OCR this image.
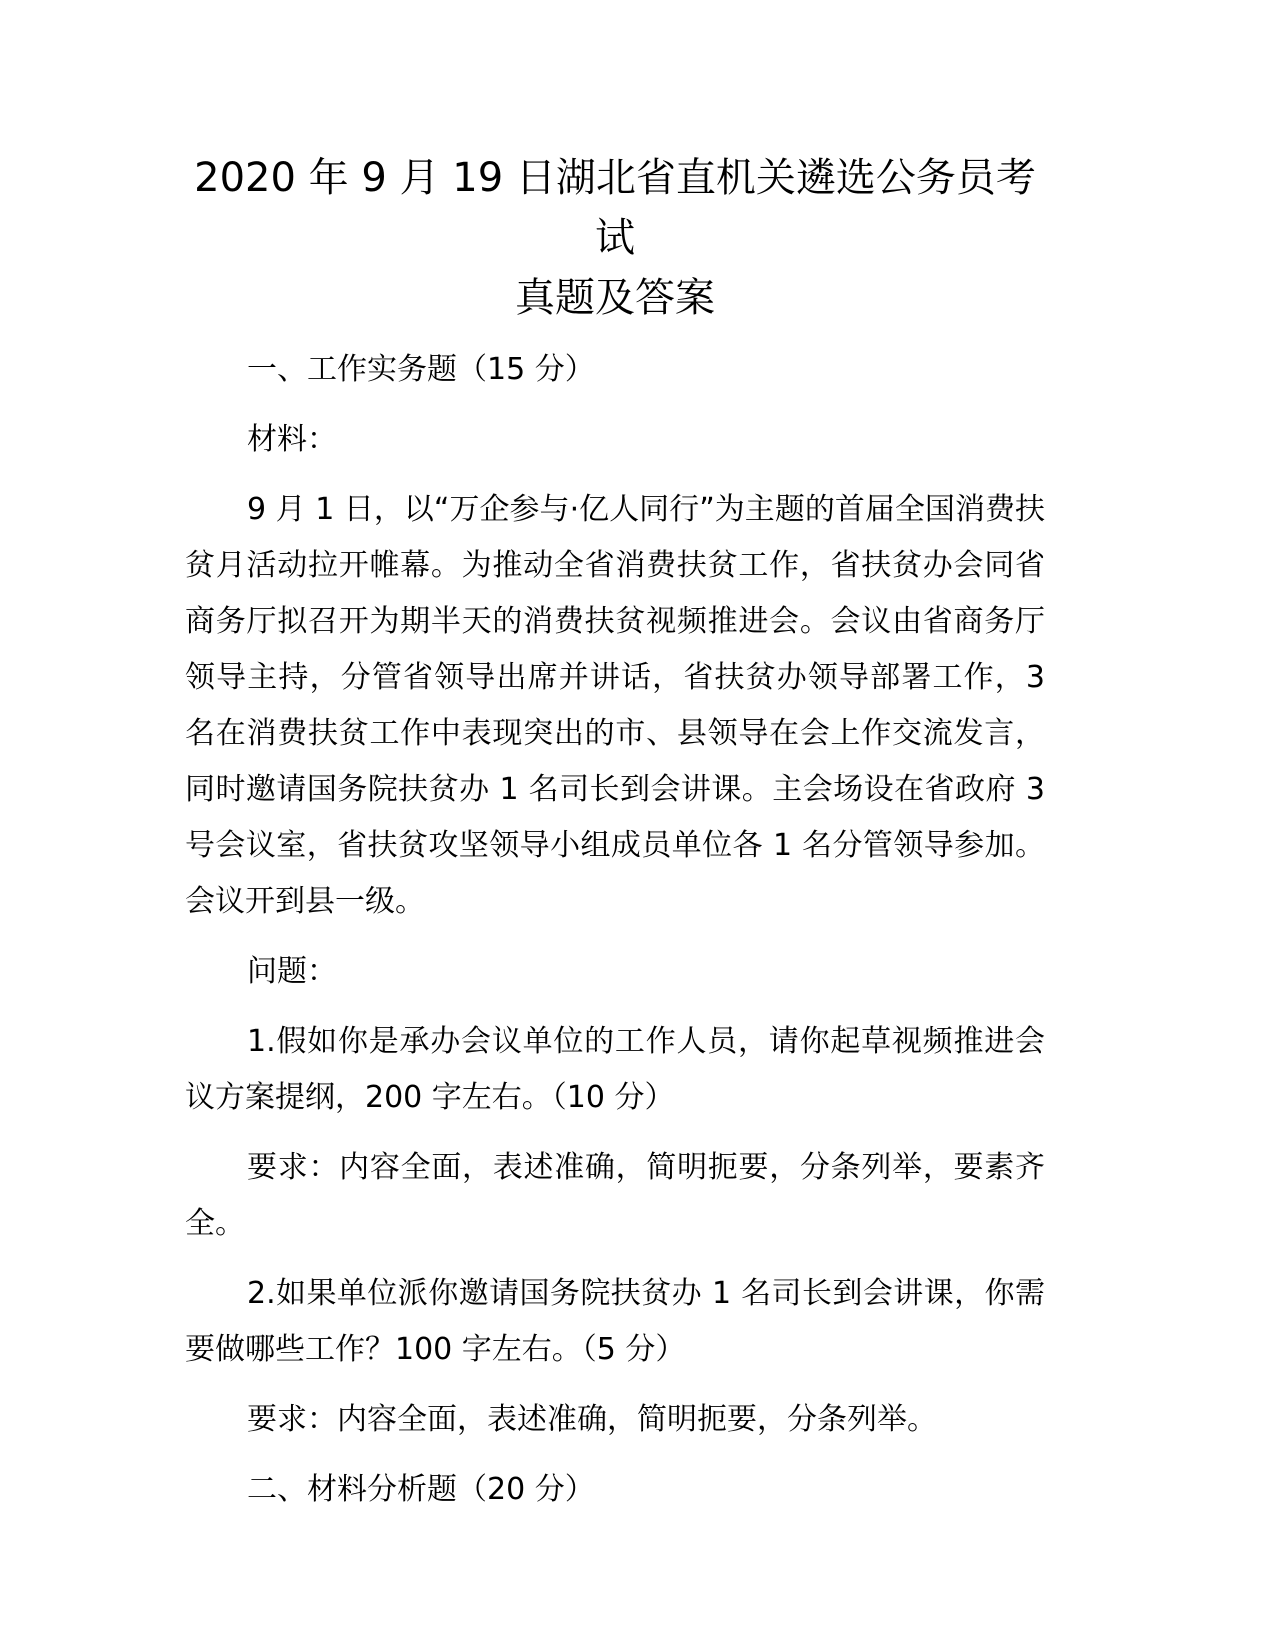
2020 年 9 月 19 日湖北省直机关遴选公务员考试
真题及答案

一、工作实务题（15 分）

材料：

9 月 1 日，以“万企参与·亿人同行”为主题的首届全国消费扶贫月活动拉开帷幕。为推动全省消费扶贫工作，省扶贫办会同省商务厅拟召开为期半天的消费扶贫视频推进会。会议由省商务厅领导主持，分管省领导出席并讲话，省扶贫办领导部署工作，3 名在消费扶贫工作中表现突出的市、县领导在会上作交流发言，同时邀请国务院扶贫办 1 名司长到会讲课。主会场设在省政府 3 号会议室，省扶贫攻坚领导小组成员单位各 1 名分管领导参加。会议开到县一级。

问题：

1.假如你是承办会议单位的工作人员，请你起草视频推进会议方案提纲，200 字左右。（10 分）

要求：内容全面，表述准确，简明扼要，分条列举，要素齐全。

2.如果单位派你邀请国务院扶贫办 1 名司长到会讲课，你需要做哪些工作？100 字左右。（5 分）

要求：内容全面，表述准确，简明扼要，分条列举。

二、材料分析题（20 分）
